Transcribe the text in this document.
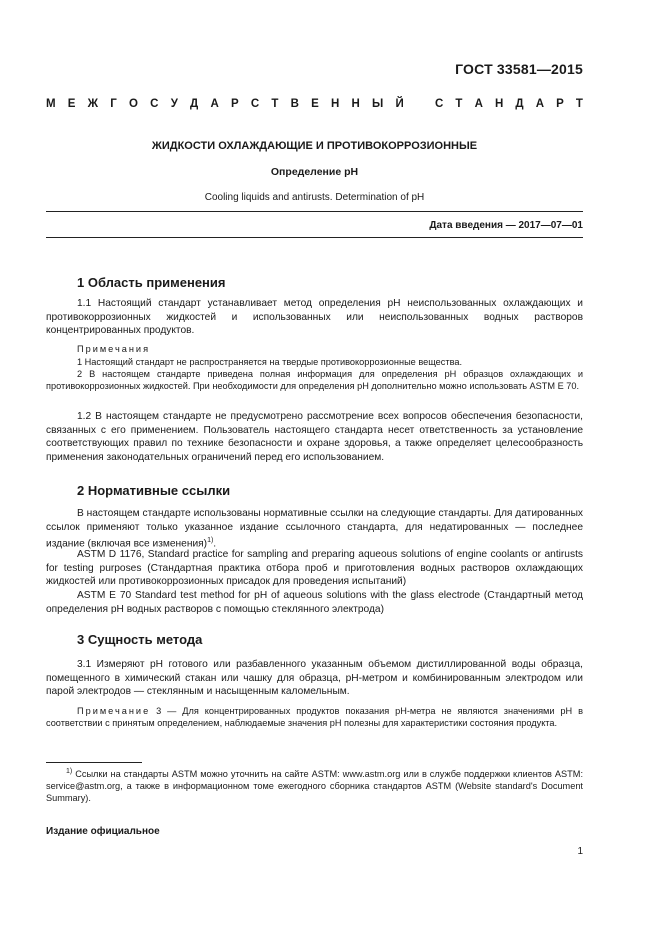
ГОСТ 33581—2015
М Е Ж Г О С У Д А Р С Т В Е Н Н Ы Й	С Т А Н Д А Р Т
ЖИДКОСТИ ОХЛАЖДАЮЩИЕ И ПРОТИВОКОРРОЗИОННЫЕ
Определение pH
Cooling liquids and antirusts. Determination of pH
Дата введения — 2017—07—01
1 Область применения
1.1 Настоящий стандарт устанавливает метод определения pH неиспользованных охлаждающих и противокоррозионных жидкостей и использованных или неиспользованных водных растворов концентрированных продуктов.
Примечания
1 Настоящий стандарт не распространяется на твердые противокоррозионные вещества.
2 В настоящем стандарте приведена полная информация для определения pH образцов охлаждающих и противокоррозионных жидкостей. При необходимости для определения pH дополнительно можно использовать ASTM E 70.
1.2 В настоящем стандарте не предусмотрено рассмотрение всех вопросов обеспечения безопасности, связанных с его применением. Пользователь настоящего стандарта несет ответственность за установление соответствующих правил по технике безопасности и охране здоровья, а также определяет целесообразность применения законодательных ограничений перед его использованием.
2 Нормативные ссылки
В настоящем стандарте использованы нормативные ссылки на следующие стандарты. Для датированных ссылок применяют только указанное издание ссылочного стандарта, для недатированных — последнее издание (включая все изменения)$^{1)}$.
ASTM D 1176, Standard practice for sampling and preparing aqueous solutions of engine coolants or antirusts for testing purposes (Стандартная практика отбора проб и приготовления водных растворов охлаждающих жидкостей или противокоррозионных присадок для проведения испытаний)
ASTM E 70 Standard test method for pH of aqueous solutions with the glass electrode (Стандартный метод определения pH водных растворов с помощью стеклянного электрода)
3 Сущность метода
3.1 Измеряют pH готового или разбавленного указанным объемом дистиллированной воды образца, помещенного в химический стакан или чашку для образца, pH-метром и комбинированным электродом или парой электродов — стеклянным и насыщенным каломельным.
Примечание 3 — Для концентрированных продуктов показания pH-метра не являются значениями pH в соответствии с принятым определением, наблюдаемые значения pH полезны для характеристики состояния продукта.
$^{1)}$ Ссылки на стандарты ASTM можно уточнить на сайте ASTM: www.astm.org или в службе поддержки клиентов ASTM: service@astm.org, а также в информационном томе ежегодного сборника стандартов ASTM (Website standard's Document Summary).
Издание официальное
1
